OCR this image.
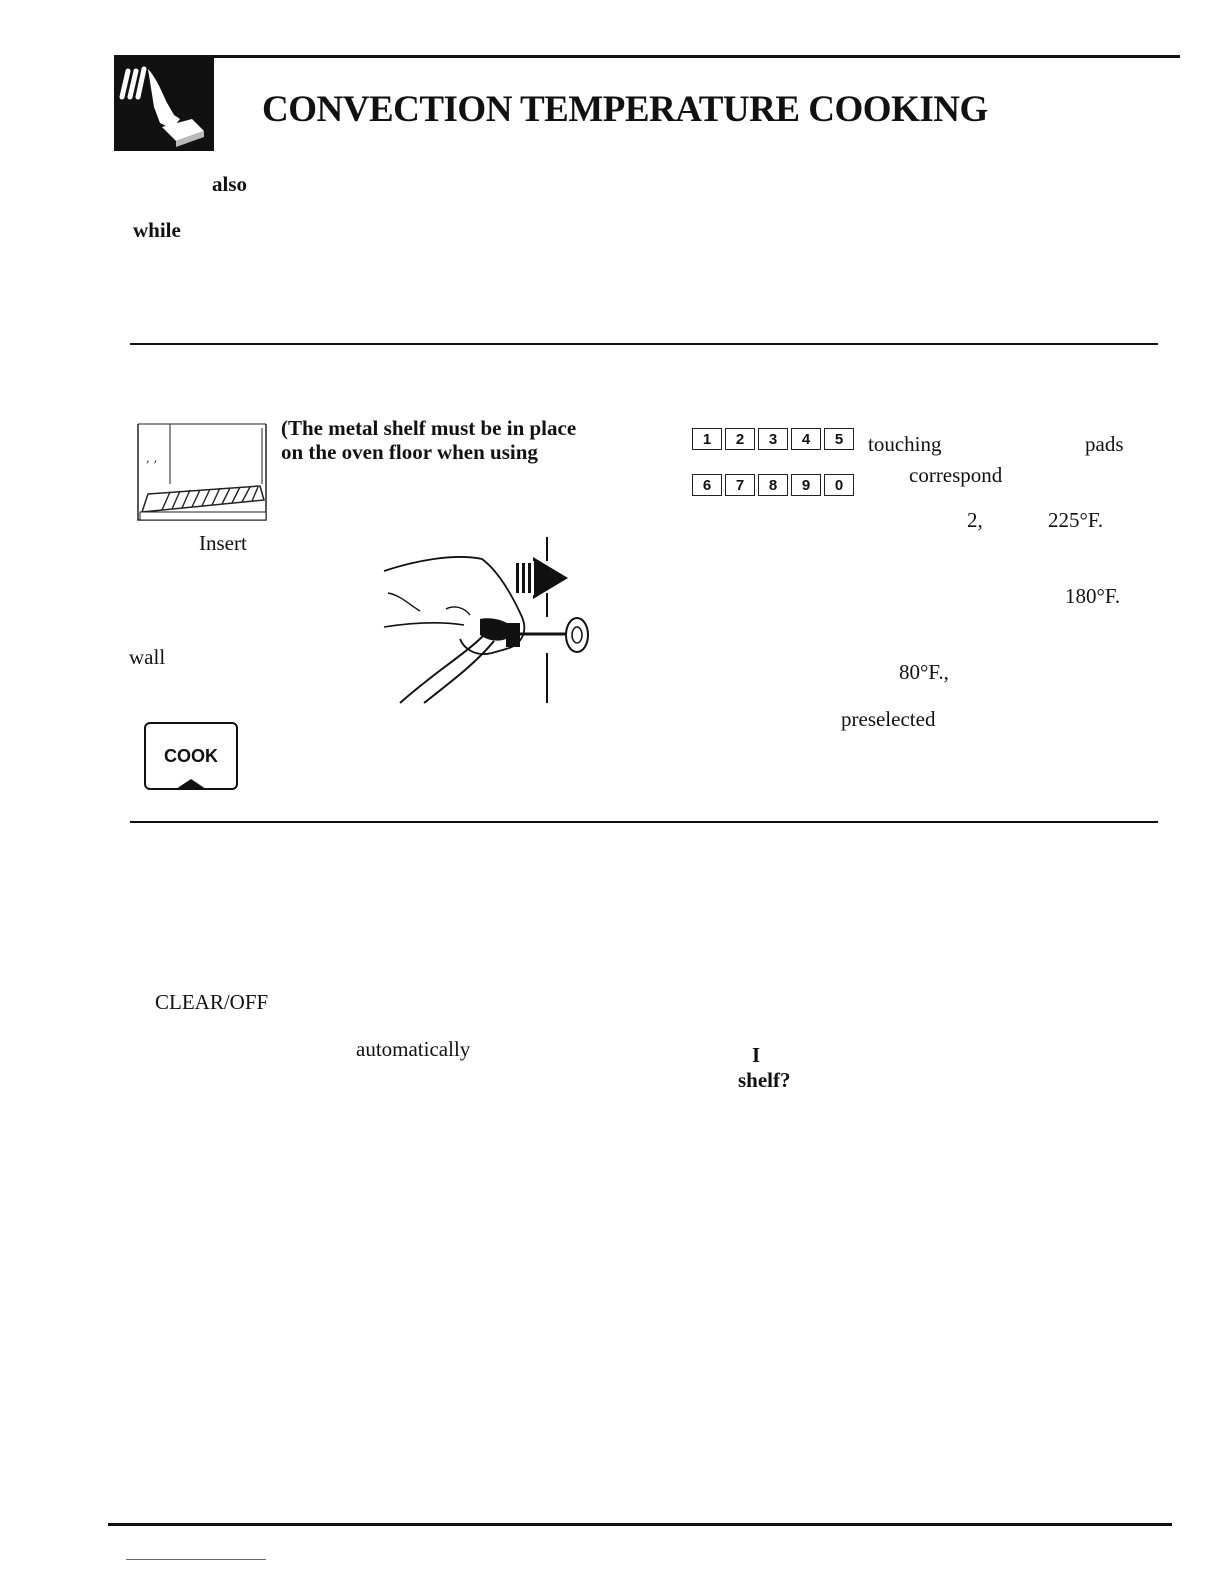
CONVECTION TEMPERATURE COOKING
also
while
, ,
(The metal shelf must be in place
on the oven floor when using
Insert
wall
COOK
1	2	3	4	5	touching	pads
6	7	8	9	0	correspond
2,	225°F.
180°F.
80°F.,
preselected
CLEAR/OFF
automatically	I
shelf?
